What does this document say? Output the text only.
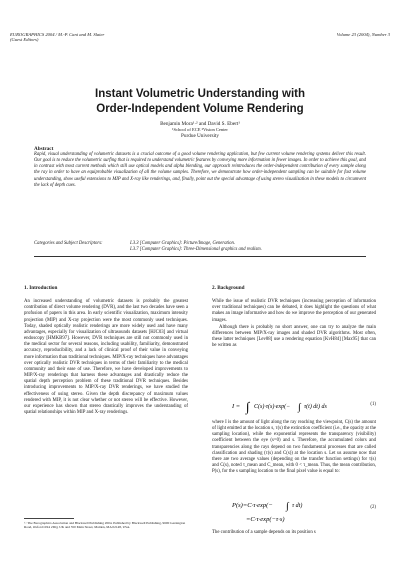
EUROGRAPHICS 2004 / M.-P. Cani and M. Slater
(Guest Editors)
Volume 23 (2004), Number 3
Instant Volumetric Understanding with
Order-Independent Volume Rendering
Benjamin Mora¹·² and David S. Ebert¹
¹School of ECE ²Vision Center
Purdue University
Abstract
Rapid, visual understanding of volumetric datasets is a crucial outcome of a good volume rendering application, but few current volume rendering systems deliver this result. Our goal is to reduce the volumetric surfing that is required to understand volumetric features by conveying more information in fewer images. In order to achieve this goal, and in contrast with most current methods which still use optical models and alpha blending, our approach reintroduces the order-independent contribution of every sample along the ray in order to have an equiprobable visualization of all the volume samples. Therefore, we demonstrate how order-independent sampling can be suitable for fast volume understanding, show useful extensions to MIP and X-ray like renderings, and, finally, point out the special advantage of using stereo visualization in these models to circumvent the lack of depth cues.
Categories and Subject Descriptors:	I.3.3 [Computer Graphics]: Picture/Image, Generation.
I.3.7 [Computer Graphics]: Three-Dimensional graphics and realism.
1. Introduction

An increased understanding of volumetric datasets is probably the greatest contribution of direct volume rendering (DVR), and the last two decades have seen a profusion of papers in this area. In early scientific visualization, maximum intensity projection (MIP) and X-ray projection were the most commonly used techniques. Today, shaded optically realistic renderings are more widely used and have many advantages, especially for visualization of ultrasounds datasets [HJC03] and virtual endoscopy [HMKB97]. However, DVR techniques are still not commonly used in the medical sector for several reasons, including usability, familiarity, demonstrated accuracy, reproducibility, and a lack of clinical proof of their value in conveying more information than traditional techniques. MIP/X-ray techniques have advantages over optically realistic DVR techniques in terms of their familiarity to the medical community and their ease of use. Therefore, we have developed improvements to MIP/X-ray renderings that harness these advantages and drastically reduce the spatial depth perception problem of these traditional DVR techniques. Besides introducing improvements to MIP/X-ray DVR renderings, we have studied the effectiveness of using stereo. Given the depth discrepancy of maximum values rendered with MIP, it is not clear whether or not stereo will be effective. However, our experience has shown that stereo drastically improves the understanding of spatial relationships within MIP and X-ray renderings.

© The Eurographics Association and Blackwell Publishing 2004. Published by Blackwell Publishing, 9600 Garsington Road, Oxford OX4 2DQ, UK and 350 Main Street, Malden, MA 02148, USA.
2. Background

While the issue of realistic DVR techniques (increasing perception of information over traditional techniques) can be debated, it does highlight the questions of what makes an image informative and how do we improve the perception of our generated images.

Although there is probably no short answer, one can try to analyze the main differences between MIP/X-ray images and shaded DVR algorithms. Most often, these latter techniques [Lev88] use a rendering equation [KvH84] [Max95] that can be written as

I = ∫ C(s)·τ(s)·exp(− ∫ τ(t) dt) ds	(1)

where I is the amount of light along the ray reaching the viewpoint, C(s) the amount of light emitted at the location s, τ(s) the extinction coefficient (i.e., the opacity at the sampling location), while the exponential represents the transparency (visibility) coefficient between the eye (s=0) and s. Therefore, the accumulated colors and transparencies along the rays depend on two fundamental processes that are called classification and shading (τ(s) and C(s)) at the location s. Let us assume now that there are two average values (depending on the transfer function settings) for τ(s) and C(s), noted τ_mean and C_mean, with 0 < τ_mean. Thus, the mean contribution, P(s), for the s sampling location to the final pixel value is equal to:

P(s)=C·τ·exp(− ∫ τ dt)
=C·τ·exp(−τ·s)
(2)

The contribution of a sample depends on its position s
